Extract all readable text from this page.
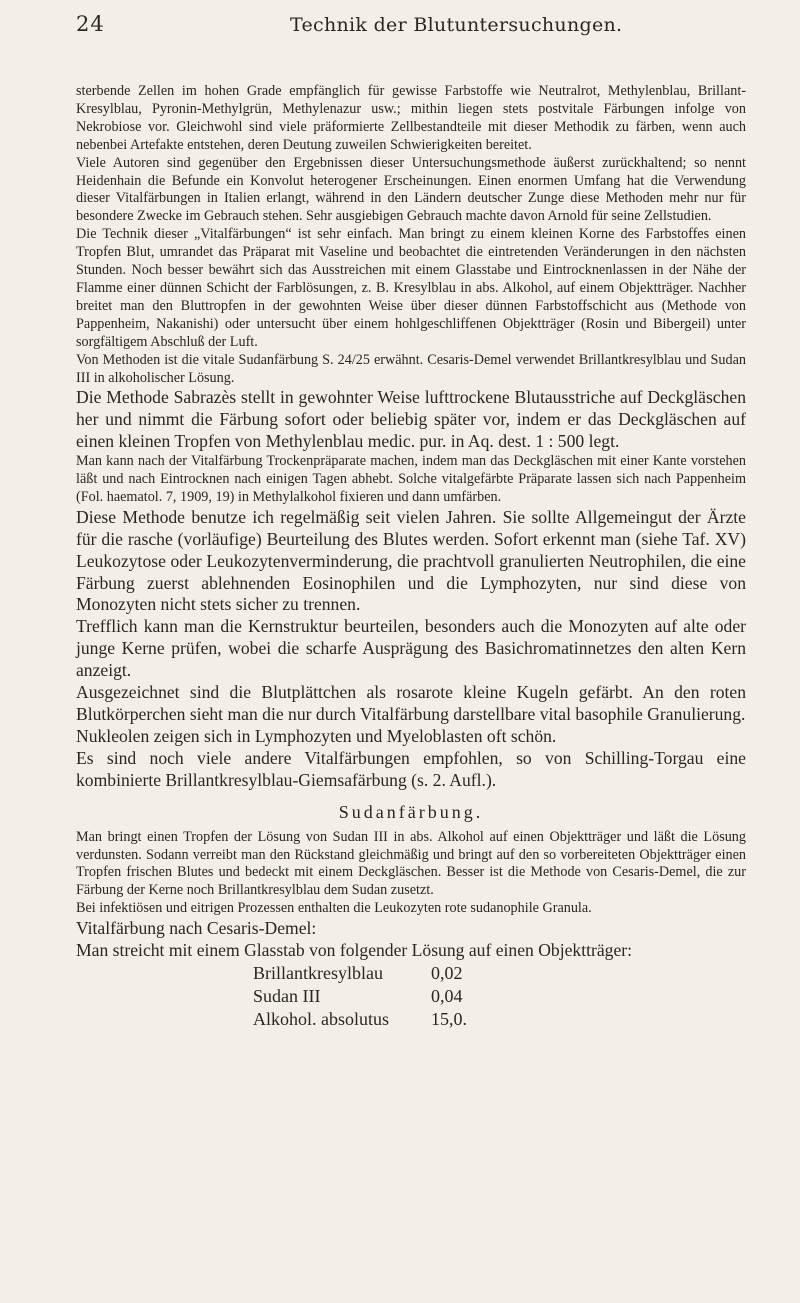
24	Technik der Blutuntersuchungen.

sterbende Zellen im hohen Grade empfänglich für gewisse Farbstoffe wie Neutralrot, Methylenblau, Brillant-Kresylblau, Pyronin-Methylgrün, Methylenazur usw.; mithin liegen stets postvitale Färbungen infolge von Nekrobiose vor. Gleichwohl sind viele präformierte Zellbestandteile mit dieser Methodik zu färben, wenn auch nebenbei Artefakte entstehen, deren Deutung zuweilen Schwierigkeiten bereitet.

Viele Autoren sind gegenüber den Ergebnissen dieser Untersuchungsmethode äußerst zurückhaltend; so nennt Heidenhain die Befunde ein Konvolut heterogener Erscheinungen. Einen enormen Umfang hat die Verwendung dieser Vitalfärbungen in Italien erlangt, während in den Ländern deutscher Zunge diese Methoden mehr nur für besondere Zwecke im Gebrauch stehen. Sehr ausgiebigen Gebrauch machte davon Arnold für seine Zellstudien.

Die Technik dieser „Vitalfärbungen“ ist sehr einfach. Man bringt zu einem kleinen Korne des Farbstoffes einen Tropfen Blut, umrandet das Präparat mit Vaseline und beobachtet die eintretenden Veränderungen in den nächsten Stunden. Noch besser bewährt sich das Ausstreichen mit einem Glasstabe und Eintrocknenlassen in der Nähe der Flamme einer dünnen Schicht der Farblösungen, z. B. Kresylblau in abs. Alkohol, auf einem Objektträger. Nachher breitet man den Bluttropfen in der gewohnten Weise über dieser dünnen Farbstoffschicht aus (Methode von Pappenheim, Nakanishi) oder untersucht über einem hohlgeschliffenen Objektträger (Rosin und Bibergeil) unter sorgfältigem Abschluß der Luft.

Von Methoden ist die vitale Sudanfärbung S. 24/25 erwähnt. Cesaris-Demel verwendet Brillantkresylblau und Sudan III in alkoholischer Lösung.

Die Methode Sabrazès stellt in gewohnter Weise lufttrockene Blutausstriche auf Deckgläschen her und nimmt die Färbung sofort oder beliebig später vor, indem er das Deckgläschen auf einen kleinen Tropfen von Methylenblau medic. pur. in Aq. dest. 1 : 500 legt.

Man kann nach der Vitalfärbung Trockenpräparate machen, indem man das Deckgläschen mit einer Kante vorstehen läßt und nach Eintrocknen nach einigen Tagen abhebt. Solche vitalgefärbte Präparate lassen sich nach Pappenheim (Fol. haematol. 7, 1909, 19) in Methylalkohol fixieren und dann umfärben.

Diese Methode benutze ich regelmäßig seit vielen Jahren. Sie sollte Allgemeingut der Ärzte für die rasche (vorläufige) Beurteilung des Blutes werden. Sofort erkennt man (siehe Taf. XV) Leukozytose oder Leukozytenverminderung, die prachtvoll granulierten Neutrophilen, die eine Färbung zuerst ablehnenden Eosinophilen und die Lymphozyten, nur sind diese von Monozyten nicht stets sicher zu trennen.

Trefflich kann man die Kernstruktur beurteilen, besonders auch die Monozyten auf alte oder junge Kerne prüfen, wobei die scharfe Ausprägung des Basichromatinnetzes den alten Kern anzeigt.

Ausgezeichnet sind die Blutplättchen als rosarote kleine Kugeln gefärbt. An den roten Blutkörperchen sieht man die nur durch Vitalfärbung darstellbare vital basophile Granulierung.

Nukleolen zeigen sich in Lymphozyten und Myeloblasten oft schön.

Es sind noch viele andere Vitalfärbungen empfohlen, so von Schilling-Torgau eine kombinierte Brillantkresylblau-Giemsafärbung (s. 2. Aufl.).

Sudanfärbung.

Man bringt einen Tropfen der Lösung von Sudan III in abs. Alkohol auf einen Objektträger und läßt die Lösung verdunsten. Sodann verreibt man den Rückstand gleichmäßig und bringt auf den so vorbereiteten Objektträger einen Tropfen frischen Blutes und bedeckt mit einem Deckgläschen. Besser ist die Methode von Cesaris-Demel, die zur Färbung der Kerne noch Brillantkresylblau dem Sudan zusetzt.

Bei infektiösen und eitrigen Prozessen enthalten die Leukozyten rote sudanophile Granula.

Vitalfärbung nach Cesaris-Demel:

Man streicht mit einem Glasstab von folgender Lösung auf einen Objektträger:

Brillantkresylblau	0,02
Sudan III	0,04
Alkohol. absolutus	15,0.
